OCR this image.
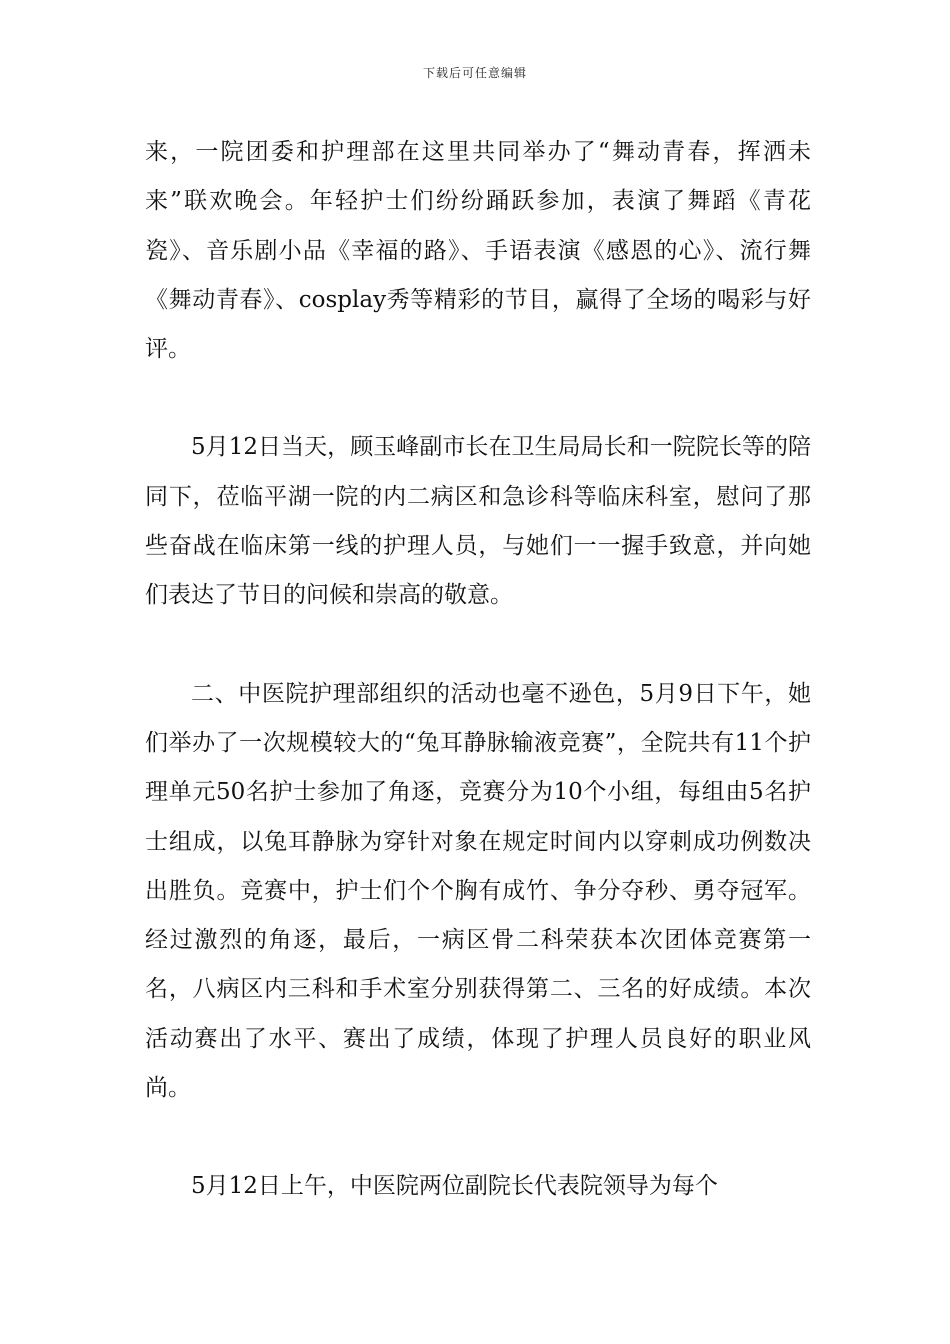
下载后可任意编辑

来，一院团委和护理部在这里共同举办了“舞动青春，挥洒未来”联欢晚会。年轻护士们纷纷踊跃参加，表演了舞蹈《青花瓷》、音乐剧小品《幸福的路》、手语表演《感恩的心》、流行舞《舞动青春》、cosplay秀等精彩的节目，赢得了全场的喝彩与好评。

5月12日当天，顾玉峰副市长在卫生局局长和一院院长等的陪同下，莅临平湖一院的内二病区和急诊科等临床科室，慰问了那些奋战在临床第一线的护理人员，与她们一一握手致意，并向她们表达了节日的问候和崇高的敬意。

二、中医院护理部组织的活动也毫不逊色，5月9日下午，她们举办了一次规模较大的“兔耳静脉输液竞赛”，全院共有11个护理单元50名护士参加了角逐，竞赛分为10个小组，每组由5名护士组成，以兔耳静脉为穿针对象在规定时间内以穿刺成功例数决出胜负。竞赛中，护士们个个胸有成竹、争分夺秒、勇夺冠军。经过激烈的角逐，最后，一病区骨二科荣获本次团体竞赛第一名，八病区内三科和手术室分别获得第二、三名的好成绩。本次活动赛出了水平、赛出了成绩，体现了护理人员良好的职业风尚。

5月12日上午，中医院两位副院长代表院领导为每个
